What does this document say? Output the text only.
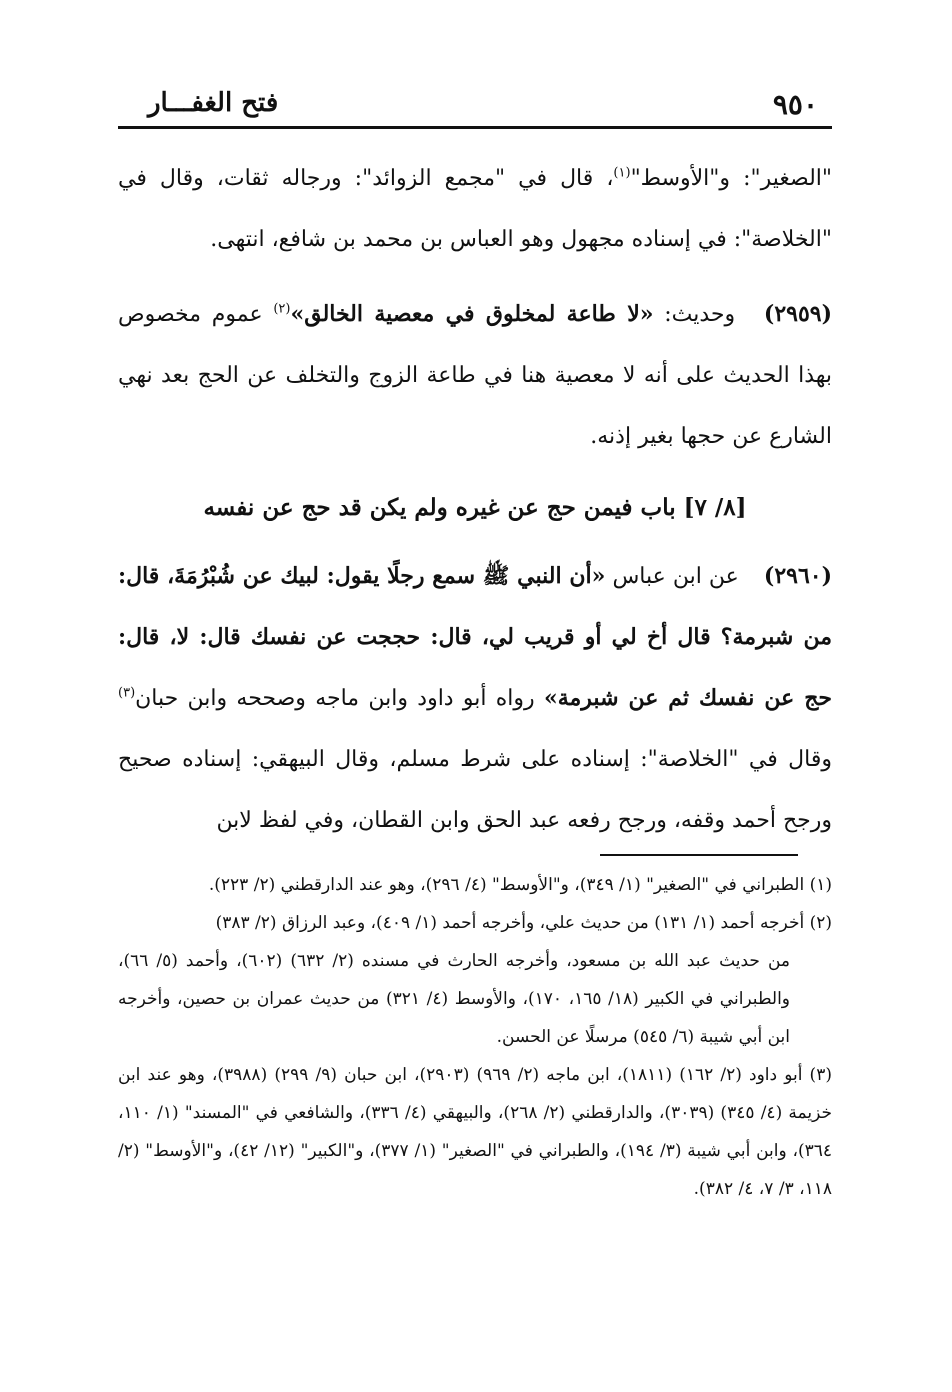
٩٥٠
فتح الغفـــار

"الصغير": و"الأوسط"$^{(١)}$، قال في "مجمع الزوائد": ورجاله ثقات، وقال في "الخلاصة": في إسناده مجهول وهو العباس بن محمد بن شافع، انتهى.

(٢٩٥٩) وحديث: «لا طاعة لمخلوق في معصية الخالق»$^{(٢)}$ عموم مخصوص بهذا الحديث على أنه لا معصية هنا في طاعة الزوج والتخلف عن الحج بعد نهي الشارع عن حجها بغير إذنه.

[٨/ ٧] باب فيمن حج عن غيره ولم يكن قد حج عن نفسه

(٢٩٦٠) عن ابن عباس «أن النبي ﷺ سمع رجلًا يقول: لبيك عن شُبْرُمَةَ، قال: من شبرمة؟ قال أخ لي أو قريب لي، قال: حججت عن نفسك قال: لا، قال: حج عن نفسك ثم عن شبرمة» رواه أبو داود وابن ماجه وصححه وابن حبان$^{(٣)}$ وقال في "الخلاصة": إسناده على شرط مسلم، وقال البيهقي: إسناده صحيح ورجح أحمد وقفه، ورجح رفعه عبد الحق وابن القطان، وفي لفظ لابن

(١) الطبراني في "الصغير" (١/ ٣٤٩)، و"الأوسط" (٤/ ٢٩٦)، وهو عند الدارقطني (٢/ ٢٢٣).

(٢) أخرجه أحمد (١/ ١٣١) من حديث علي، وأخرجه أحمد (١/ ٤٠٩)، وعبد الرزاق (٢/ ٣٨٣)

من حديث عبد الله بن مسعود، وأخرجه الحارث في مسنده (٢/ ٦٣٢) (٦٠٢)، وأحمد (٥/ ٦٦)، والطبراني في الكبير (١٨/ ١٦٥، ١٧٠)، والأوسط (٤/ ٣٢١) من حديث عمران بن حصين، وأخرجه ابن أبي شيبة (٦/ ٥٤٥) مرسلًا عن الحسن.

(٣) أبو داود (٢/ ١٦٢) (١٨١١)، ابن ماجه (٢/ ٩٦٩) (٢٩٠٣)، ابن حبان (٩/ ٢٩٩) (٣٩٨٨)، وهو عند ابن خزيمة (٤/ ٣٤٥) (٣٠٣٩)، والدارقطني (٢/ ٢٦٨)، والبيهقي (٤/ ٣٣٦)، والشافعي في "المسند" (١/ ١١٠، ٣٦٤)، وابن أبي شيبة (٣/ ١٩٤)، والطبراني في "الصغير" (١/ ٣٧٧)، و"الكبير" (١٢/ ٤٢)، و"الأوسط" (٢/ ١١٨، ٣/ ٧، ٤/ ٣٨٢).
